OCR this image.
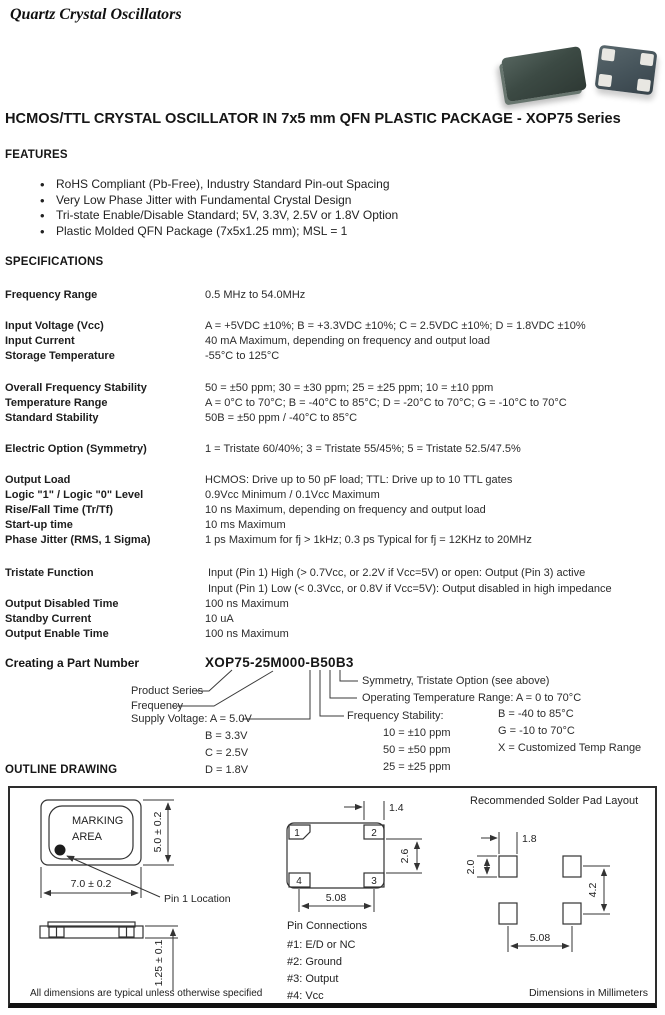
Quartz Crystal Oscillators
HCMOS/TTL CRYSTAL OSCILLATOR IN 7x5 mm QFN PLASTIC PACKAGE - XOP75 Series
FEATURES
• RoHS Compliant (Pb-Free), Industry Standard Pin-out Spacing
• Very Low Phase Jitter with Fundamental Crystal Design
• Tri-state Enable/Disable Standard; 5V, 3.3V, 2.5V or 1.8V Option
• Plastic Molded QFN Package (7x5x1.25 mm); MSL = 1
SPECIFICATIONS
Frequency Range	0.5 MHz to 54.0MHz
Input Voltage (Vcc)	A = +5VDC ±10%; B = +3.3VDC ±10%; C = 2.5VDC ±10%; D = 1.8VDC ±10%
Input Current	40 mA Maximum, depending on frequency and output load
Storage Temperature	-55°C to 125°C
Overall Frequency Stability	50 = ±50 ppm; 30 = ±30 ppm; 25 = ±25 ppm; 10 = ±10 ppm
Temperature Range	A = 0°C to 70°C; B = -40°C to 85°C; D = -20°C to 70°C; G = -10°C to 70°C
Standard Stability	50B = ±50 ppm / -40°C to 85°C
Electric Option (Symmetry)	1 = Tristate 60/40%; 3 = Tristate 55/45%; 5 = Tristate 52.5/47.5%
Output Load	HCMOS: Drive up to 50 pF load; TTL: Drive up to 10 TTL gates
Logic "1" / Logic "0" Level	0.9Vcc Minimum / 0.1Vcc Maximum
Rise/Fall Time (Tr/Tf)	10 ns Maximum, depending on frequency and output load
Start-up time	10 ms Maximum
Phase Jitter (RMS, 1 Sigma)	1 ps Maximum for fj > 1kHz; 0.3 ps Typical for fj = 12KHz to 20MHz
Tristate Function	Input (Pin 1) High (> 0.7Vcc, or 2.2V if Vcc=5V) or open: Output (Pin 3) active
Input (Pin 1) Low (< 0.3Vcc, or 0.8V if Vcc=5V): Output disabled in high impedance
Output Disabled Time	100 ns Maximum
Standby Current	10 uA
Output Enable Time	100 ns Maximum
Creating a Part Number	XOP75-25M000-B50B3
Product Series
Frequency
Supply Voltage: A = 5.0V
B = 3.3V
C = 2.5V
D = 1.8V
Symmetry, Tristate Option (see above)
Operating Temperature Range: A = 0 to 70°C
B = -40 to 85°C
G = -10 to 70°C
X = Customized Temp Range
Frequency Stability:
10 = ±10 ppm
50 = ±50 ppm
25 = ±25 ppm
OUTLINE DRAWING
MARKING
AREA	5.0 ± 0.2
7.0 ± 0.2
Pin 1 Location
1.25 ± 0.1
All dimensions are typical unless otherwise specified
1	2
3
4
1.4
2.6
5.08
Pin Connections
#1: E/D or NC
#2: Ground
#3: Output
#4: Vcc
Recommended Solder Pad Layout
1.8
2.0
4.2
5.08
Dimensions in Millimeters
